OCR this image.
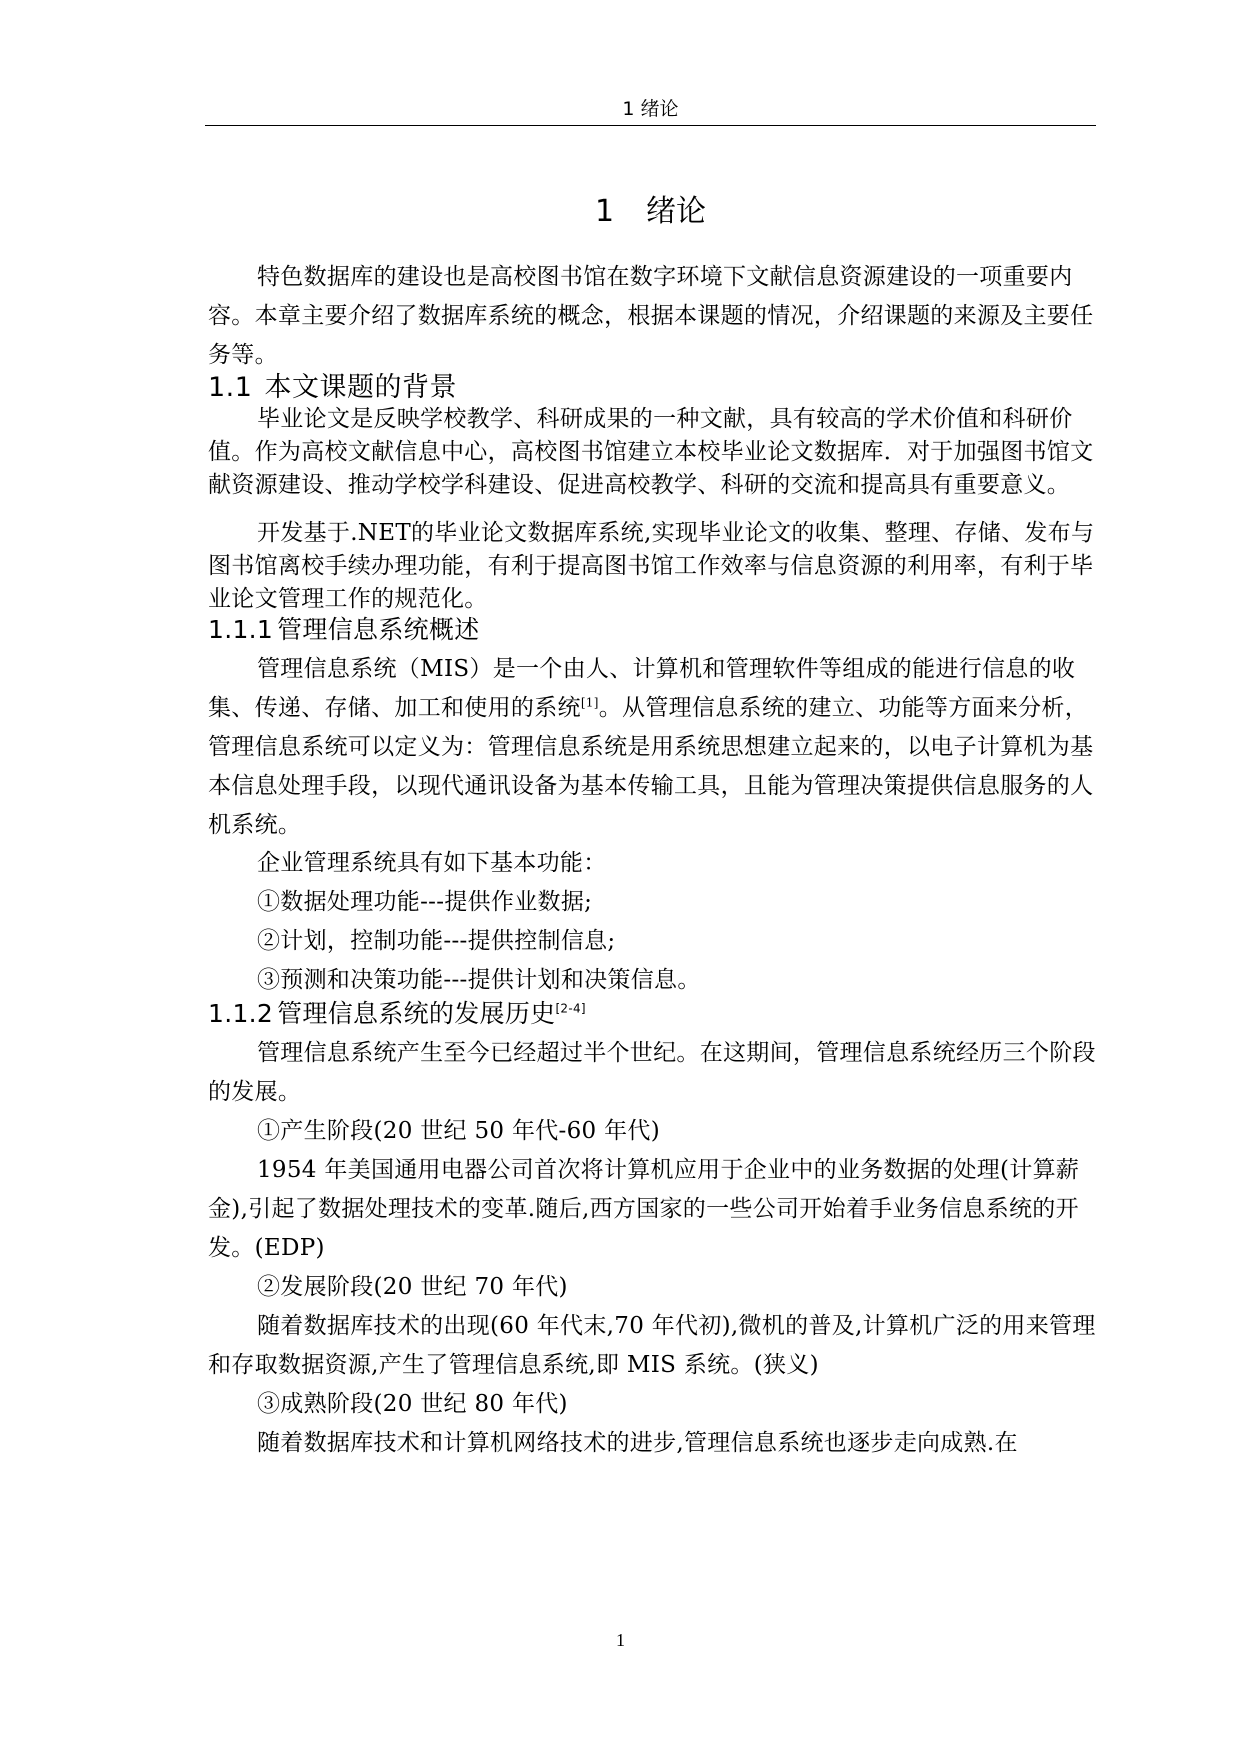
1 绪论
1 绪论

特色数据库的建设也是高校图书馆在数字环境下文献信息资源建设的一项重要内容。本章主要介绍了数据库系统的概念，根据本课题的情况，介绍课题的来源及主要任务等。

1.1 本文课题的背景

毕业论文是反映学校教学、科研成果的一种文献，具有较高的学术价值和科研价值。作为高校文献信息中心，高校图书馆建立本校毕业论文数据库．对于加强图书馆文献资源建设、推动学校学科建设、促进高校教学、科研的交流和提高具有重要意义。

开发基于.NET的毕业论文数据库系统,实现毕业论文的收集、整理、存储、发布与图书馆离校手续办理功能，有利于提高图书馆工作效率与信息资源的利用率，有利于毕业论文管理工作的规范化。

1.1.1 管理信息系统概述

管理信息系统（MIS）是一个由人、计算机和管理软件等组成的能进行信息的收集、传递、存储、加工和使用的系统[1]。从管理信息系统的建立、功能等方面来分析，管理信息系统可以定义为：管理信息系统是用系统思想建立起来的，以电子计算机为基本信息处理手段，以现代通讯设备为基本传输工具，且能为管理决策提供信息服务的人机系统。

企业管理系统具有如下基本功能：

①数据处理功能---提供作业数据;

②计划，控制功能---提供控制信息;

③预测和决策功能---提供计划和决策信息。

1.1.2 管理信息系统的发展历史[2-4]

管理信息系统产生至今已经超过半个世纪。在这期间，管理信息系统经历三个阶段的发展。

①产生阶段(20 世纪 50 年代-60 年代)

1954 年美国通用电器公司首次将计算机应用于企业中的业务数据的处理(计算薪金),引起了数据处理技术的变革.随后,西方国家的一些公司开始着手业务信息系统的开发。(EDP)

②发展阶段(20 世纪 70 年代)

随着数据库技术的出现(60 年代末,70 年代初),微机的普及,计算机广泛的用来管理和存取数据资源,产生了管理信息系统,即 MIS 系统。(狭义)

③成熟阶段(20 世纪 80 年代)

随着数据库技术和计算机网络技术的进步,管理信息系统也逐步走向成熟.在

1
